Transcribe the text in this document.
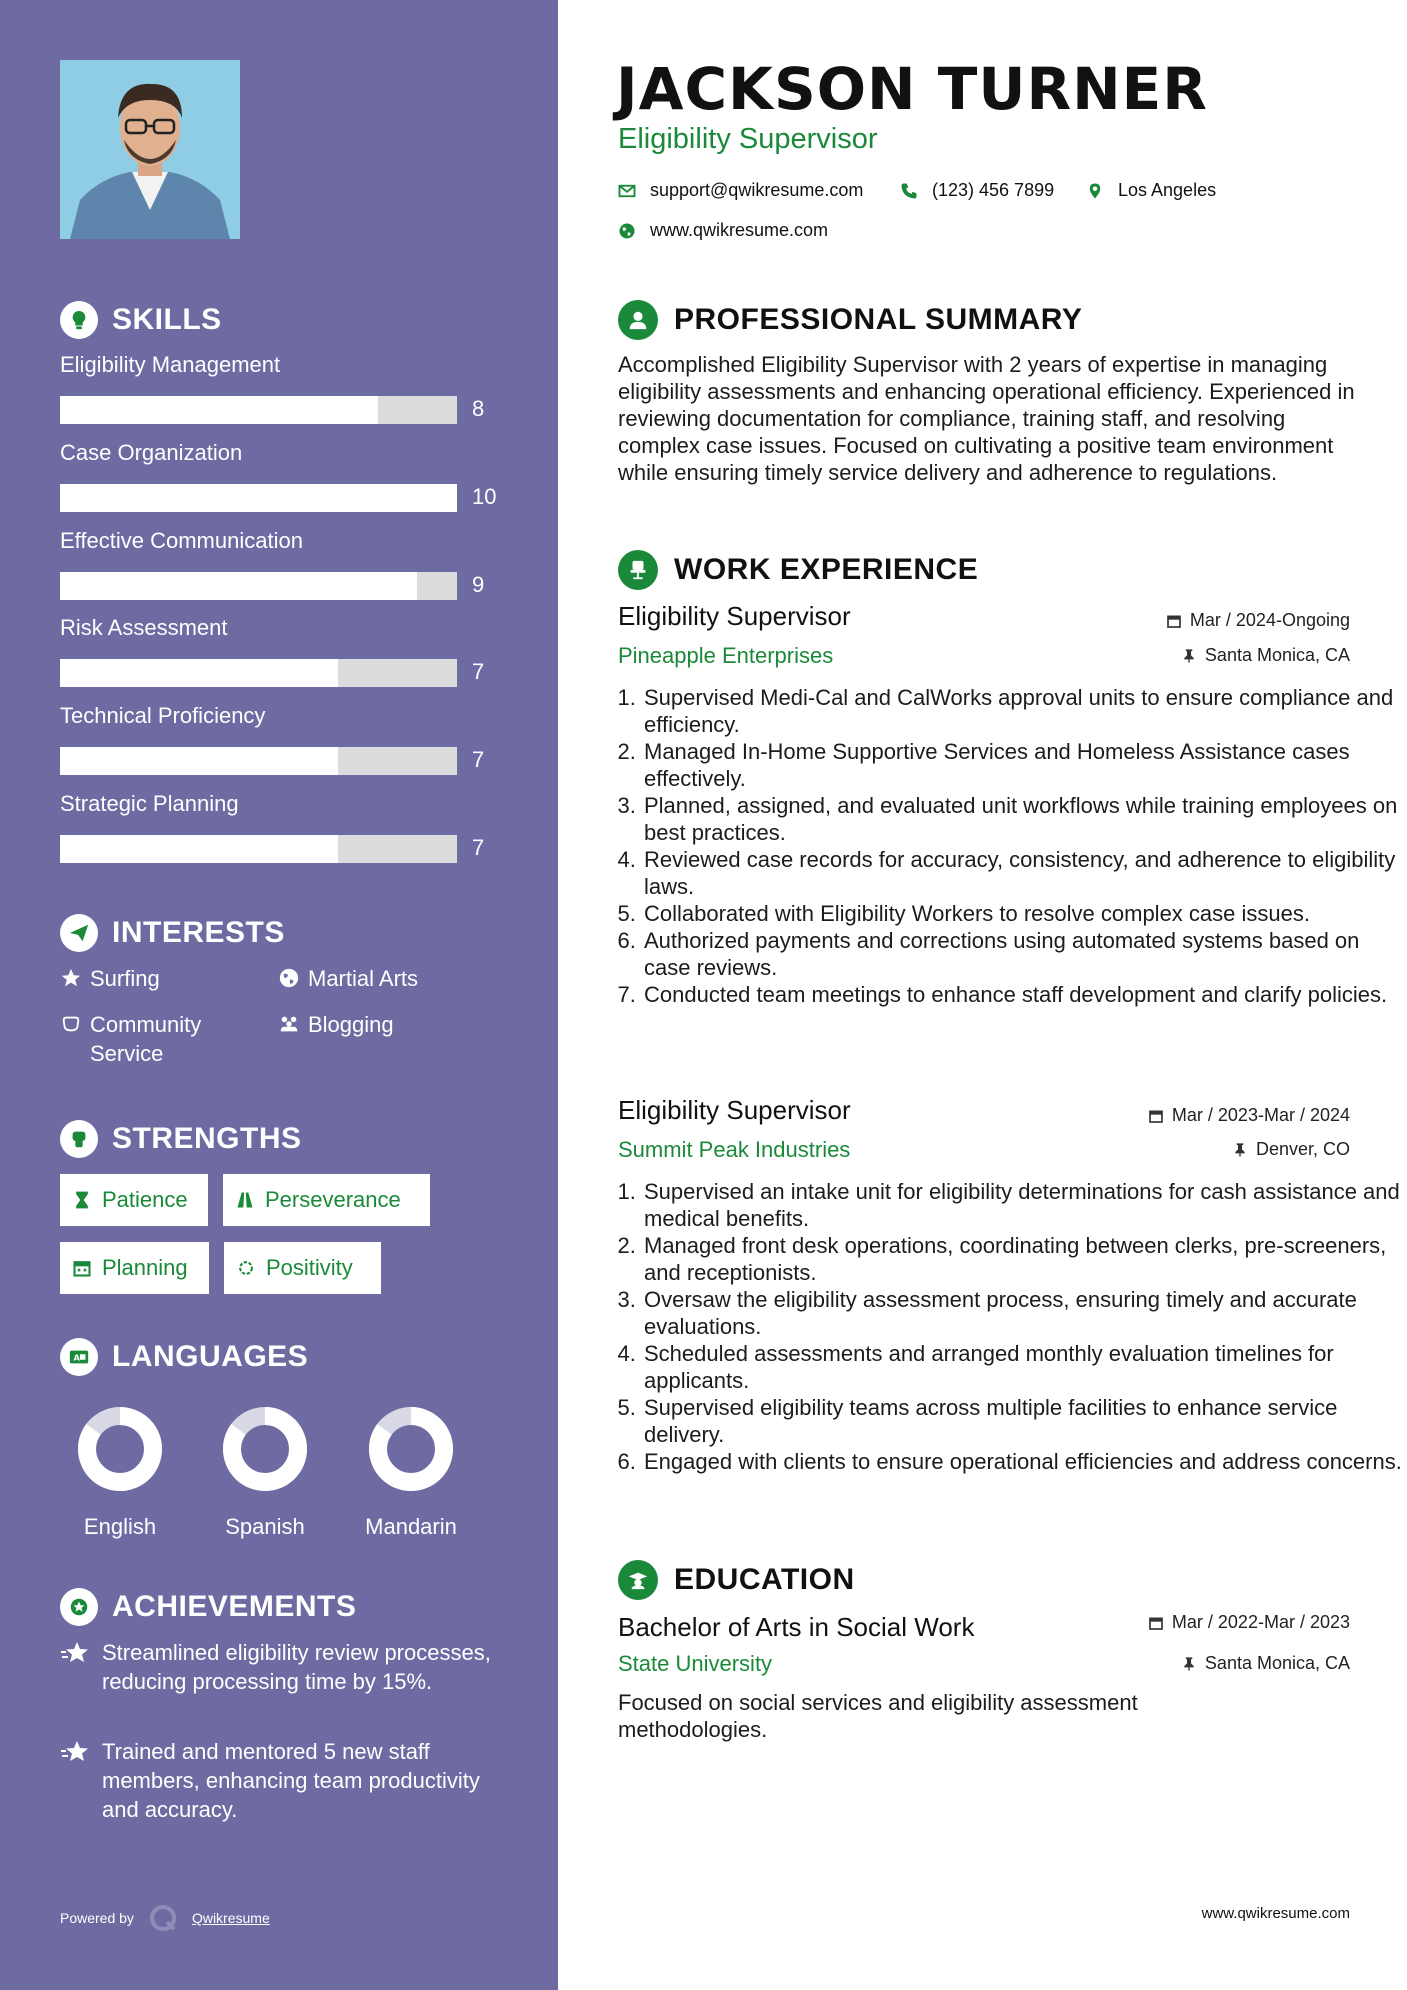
SKILLS
Eligibility Management
8
Case Organization
10
Effective Communication
9
Risk Assessment
7
Technical Proficiency
7
Strategic Planning
7
INTERESTS
Surfing	Martial Arts
Community Service
Blogging
STRENGTHS
Patience	Perseverance
Planning	Positivity
A LANGUAGES
English	Spanish	Mandarin
ACHIEVEMENTS
Streamlined eligibility review processes, reducing processing time by 15%.
Trained and mentored 5 new staff members, enhancing team productivity and accuracy.
Powered by	Qwikresume
JACKSON TURNER
Eligibility Supervisor
support@qwikresume.com	(123) 456 7899	Los Angeles
www.qwikresume.com
PROFESSIONAL SUMMARY
Accomplished Eligibility Supervisor with 2 years of expertise in managing eligibility assessments and enhancing operational efficiency. Experienced in reviewing documentation for compliance, training staff, and resolving complex case issues. Focused on cultivating a positive team environment while ensuring timely service delivery and adherence to regulations.
WORK EXPERIENCE
Eligibility Supervisor	Mar / 2024-Ongoing
Pineapple Enterprises	Santa Monica, CA
1. Supervised Medi-Cal and CalWorks approval units to ensure compliance and efficiency.
2. Managed In-Home Supportive Services and Homeless Assistance cases effectively.
3. Planned, assigned, and evaluated unit workflows while training employees on best practices.
4. Reviewed case records for accuracy, consistency, and adherence to eligibility laws.
5. Collaborated with Eligibility Workers to resolve complex case issues.
6. Authorized payments and corrections using automated systems based on case reviews.
7. Conducted team meetings to enhance staff development and clarify policies.
Eligibility Supervisor	Mar / 2023-Mar / 2024
Summit Peak Industries	Denver, CO
1. Supervised an intake unit for eligibility determinations for cash assistance and medical benefits.
2. Managed front desk operations, coordinating between clerks, pre-screeners, and receptionists.
3. Oversaw the eligibility assessment process, ensuring timely and accurate evaluations.
4. Scheduled assessments and arranged monthly evaluation timelines for applicants.
5. Supervised eligibility teams across multiple facilities to enhance service delivery.
6. Engaged with clients to ensure operational efficiencies and address concerns.
EDUCATION
Bachelor of Arts in Social Work	Mar / 2022-Mar / 2023
State University	Santa Monica, CA
Focused on social services and eligibility assessment methodologies.
www.qwikresume.com
